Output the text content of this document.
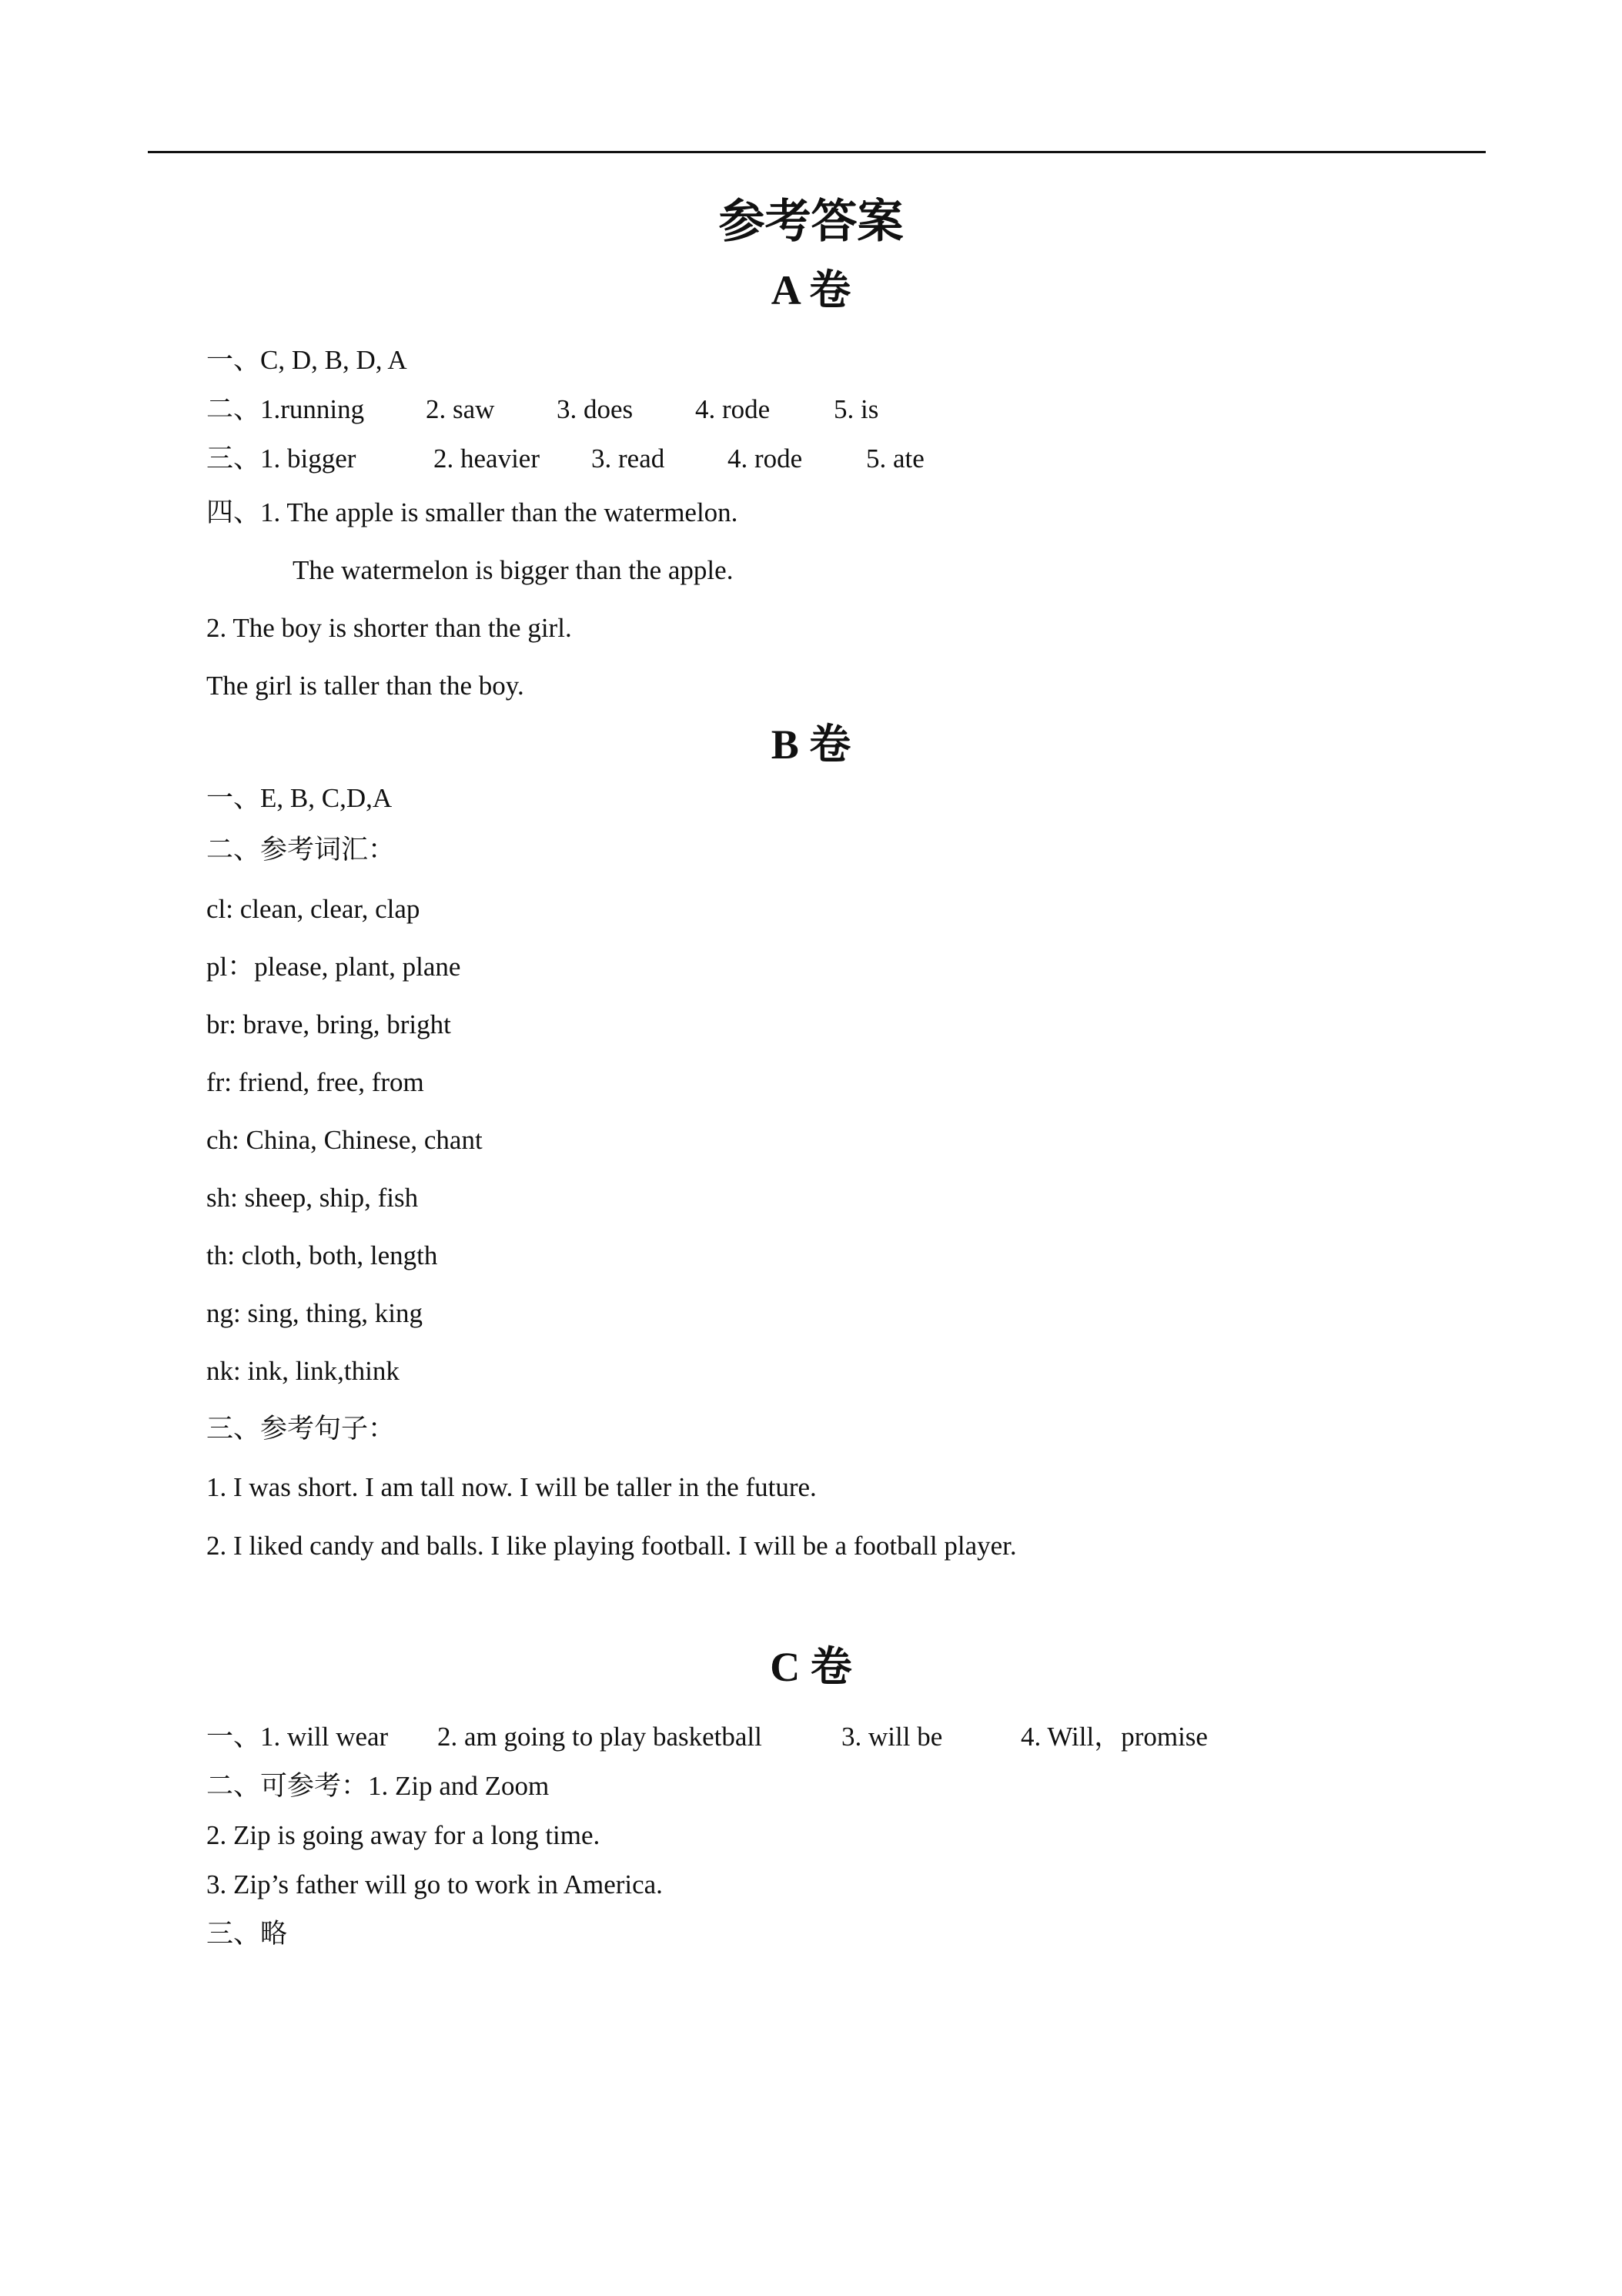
参考答案
A 卷
一、C, D, B, D, A
二、1.running 2. saw 3. does 4. rode 5. is
三、1. bigger	2. heavier 3. read 4. rode 5. ate
四、1. The apple is smaller than the watermelon.
The watermelon is bigger than the apple.
2. The boy is shorter than the girl.
The girl is taller than the boy.
B 卷
一、E, B, C,D,A
二、参考词汇：
cl: clean, clear, clap
pl：please, plant, plane
br: brave, bring, bright
fr: friend, free, from
ch: China, Chinese, chant
sh: sheep, ship, fish
th: cloth, both, length
ng: sing, thing, king
nk: ink, link,think
三、参考句子：
1. I was short. I am tall now. I will be taller in the future.
2. I liked candy and balls. I like playing football. I will be a football player.
C 卷
一、1. will wear 2. am going to play basketball	3. will be	4. Will，promise
二、可参考：1. Zip and Zoom
2. Zip is going away for a long time.
3. Zip’s father will go to work in America.
三、略
